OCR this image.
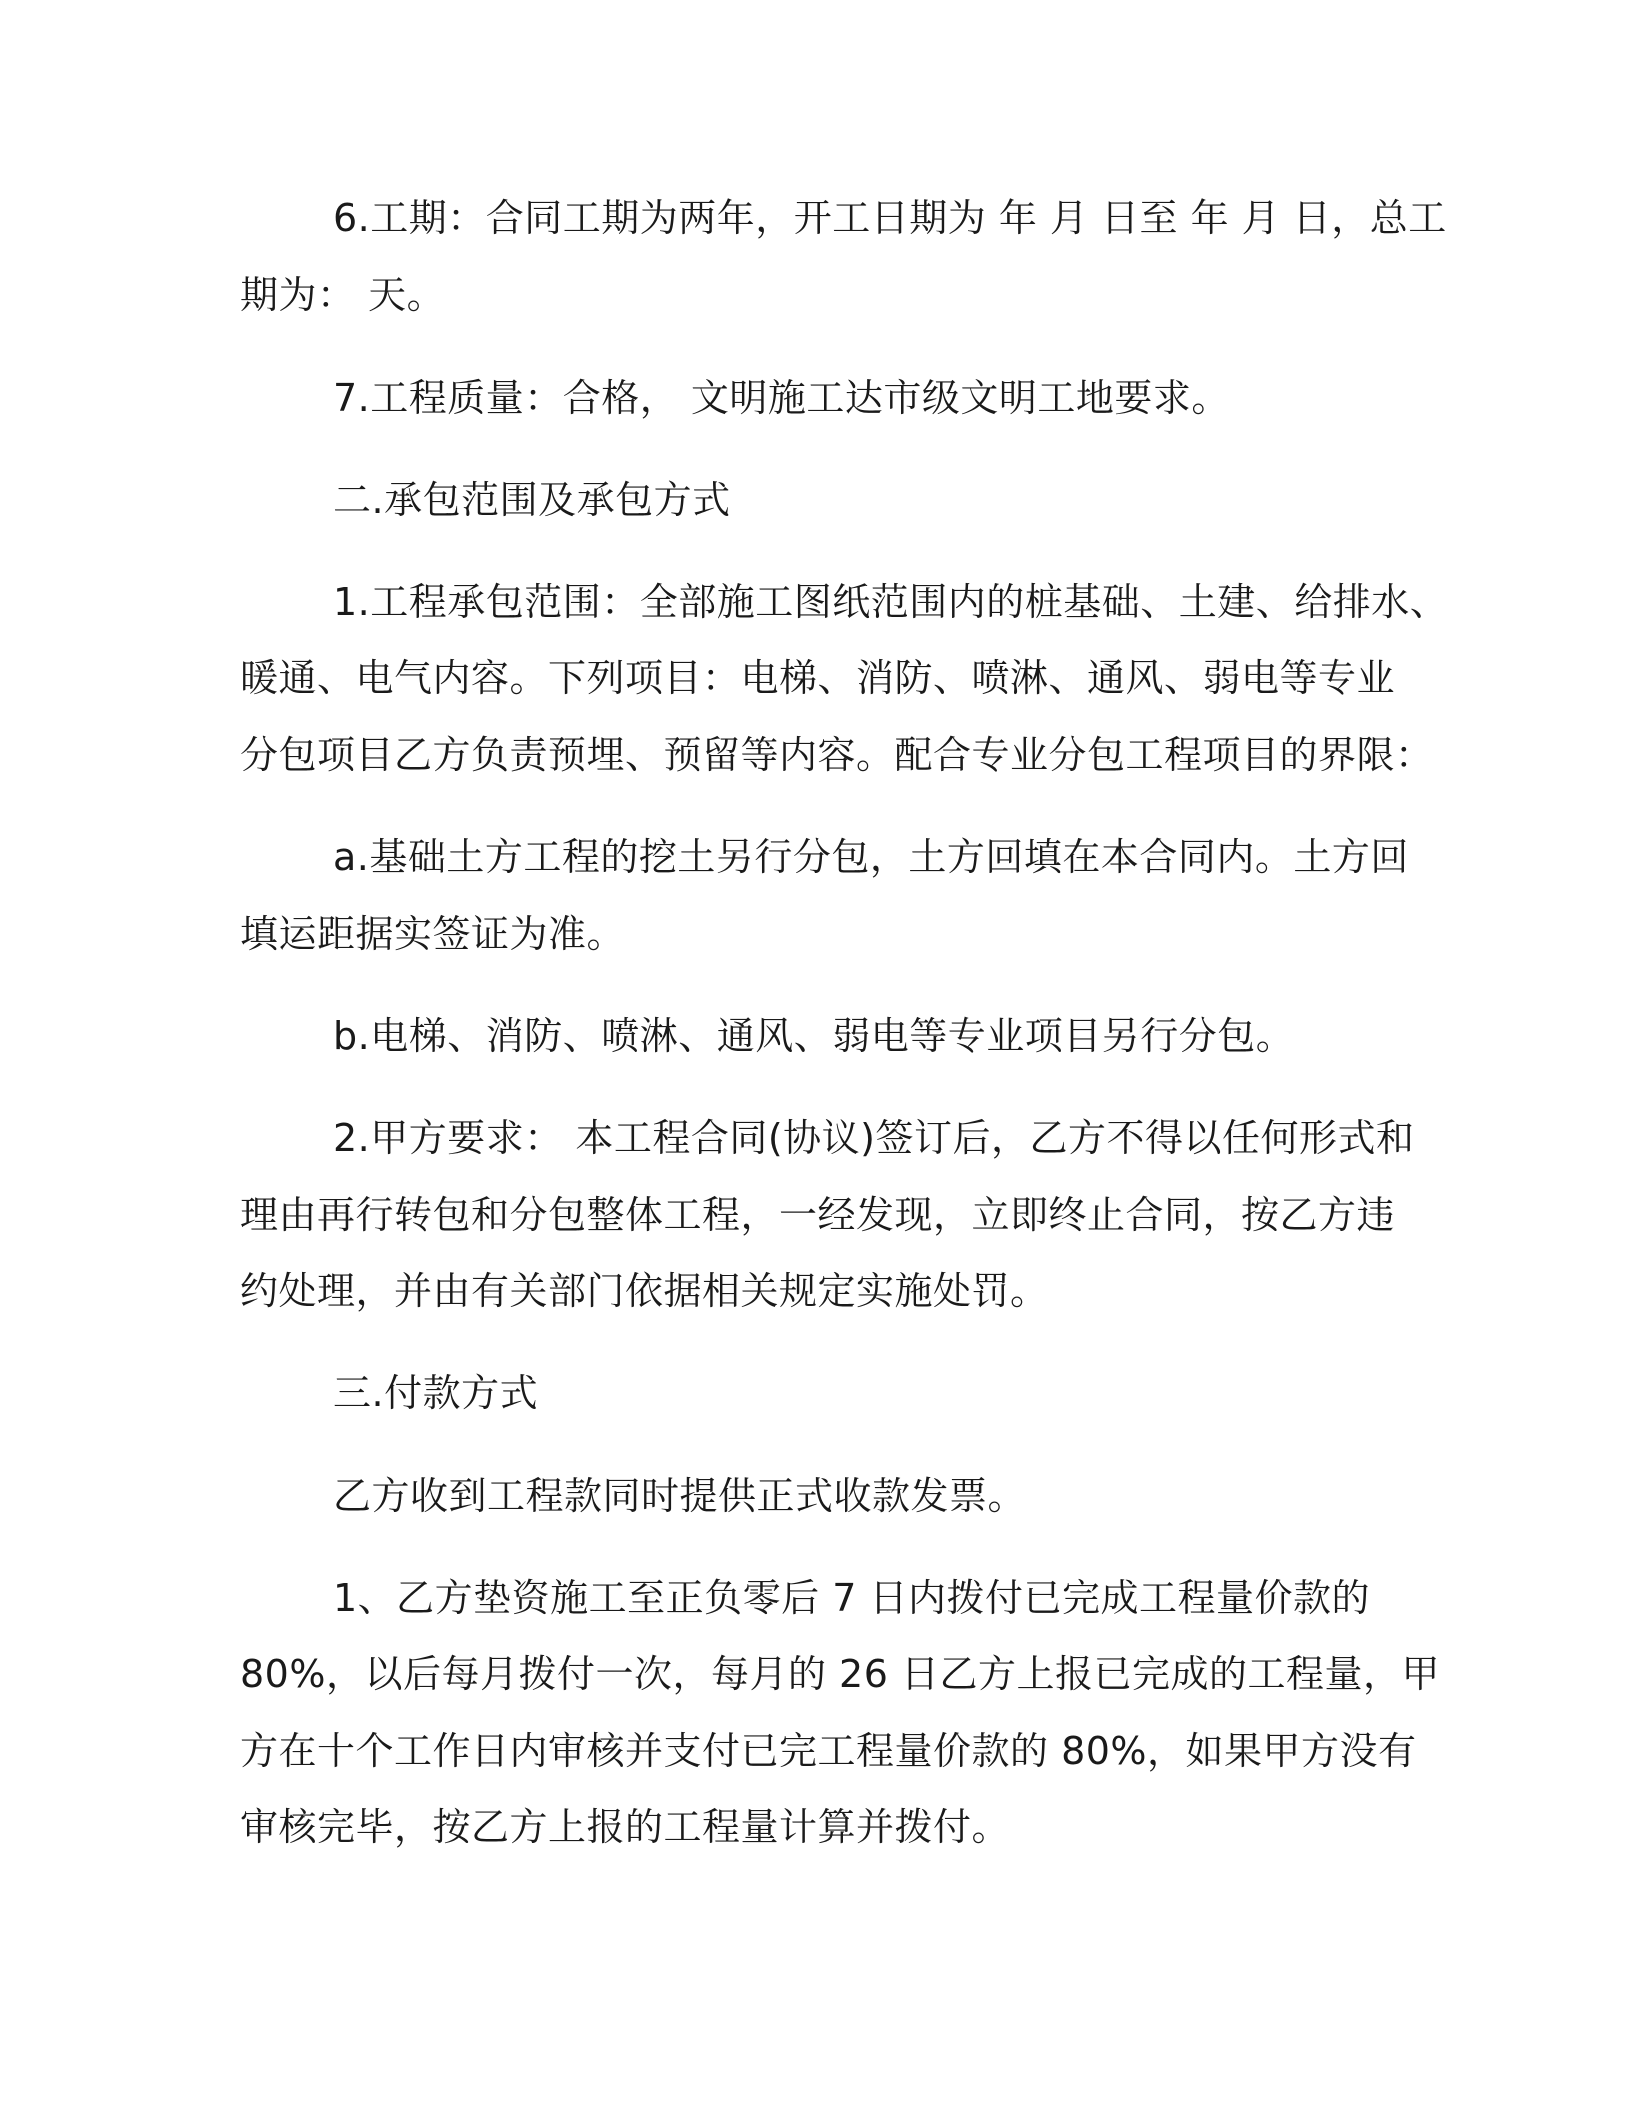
6.工期：合同工期为两年，开工日期为 年 月 日至 年 月 日，总工
期为： 天。
7.工程质量：合格， 文明施工达市级文明工地要求。
二.承包范围及承包方式
1.工程承包范围：全部施工图纸范围内的桩基础、土建、给排水、
暖通、电气内容。下列项目：电梯、消防、喷淋、通风、弱电等专业
分包项目乙方负责预埋、预留等内容。配合专业分包工程项目的界限：
a.基础土方工程的挖土另行分包，土方回填在本合同内。土方回
填运距据实签证为准。
b.电梯、消防、喷淋、通风、弱电等专业项目另行分包。
2.甲方要求： 本工程合同(协议)签订后，乙方不得以任何形式和
理由再行转包和分包整体工程，一经发现，立即终止合同，按乙方违
约处理，并由有关部门依据相关规定实施处罚。
三.付款方式
乙方收到工程款同时提供正式收款发票。
1、乙方垫资施工至正负零后 7 日内拨付已完成工程量价款的
80%，以后每月拨付一次，每月的 26 日乙方上报已完成的工程量，甲
方在十个工作日内审核并支付已完工程量价款的 80%，如果甲方没有
审核完毕，按乙方上报的工程量计算并拨付。
